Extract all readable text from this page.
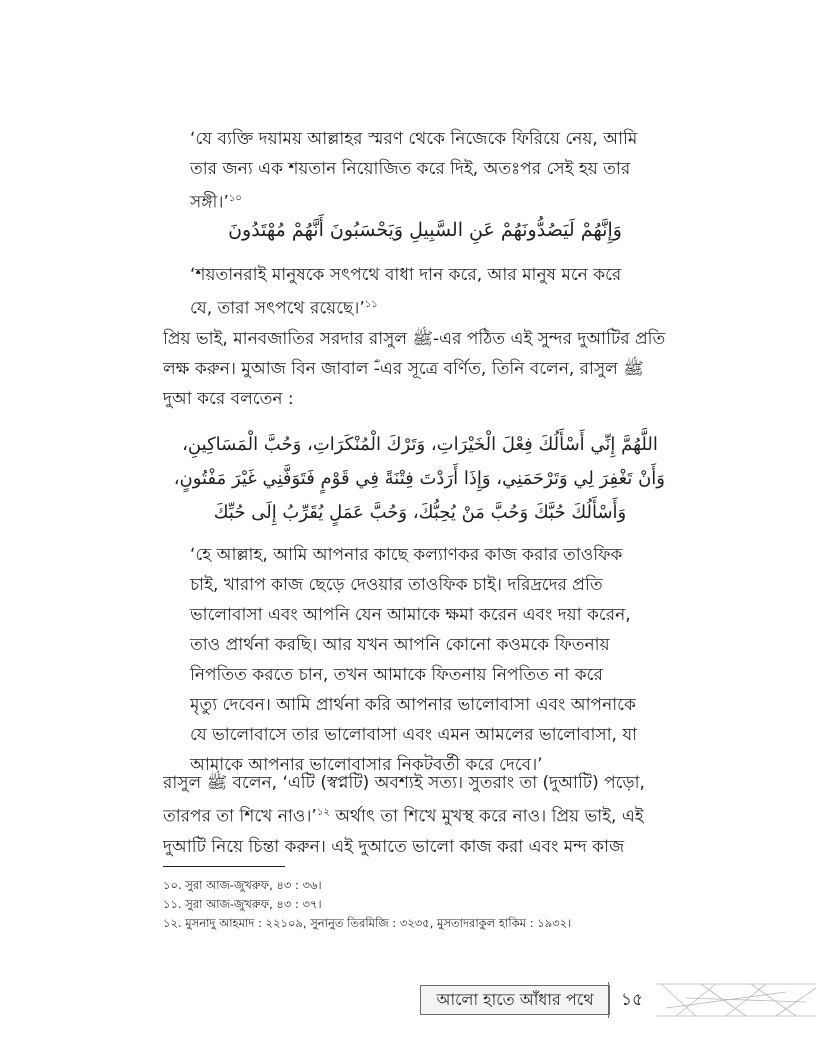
‘যে ব্যক্তি দয়াময় আল্লাহর স্মরণ থেকে নিজেকে ফিরিয়ে নেয়, আমি
তার জন্য এক শয়তান নিয়োজিত করে দিই, অতঃপর সেই হয় তার
সঙ্গী।’$^{১০}$
وَإِنَّهُمْ لَيَصُدُّونَهُمْ عَنِ السَّبِيلِ وَيَحْسَبُونَ أَنَّهُمْ مُهْتَدُونَ
‘শয়তানরাই মানুষকে সৎপথে বাধা দান করে, আর মানুষ মনে করে
যে, তারা সৎপথে রয়েছে।’$^{১১}$
প্রিয় ভাই, মানবজাতির সরদার রাসুল ﷺ-এর পঠিত এই সুন্দর দুআটির প্রতি
লক্ষ করুন। মুআজ বিন জাবাল ؓ-এর সূত্রে বর্ণিত, তিনি বলেন, রাসুল ﷺ
দুআ করে বলতেন :
اللَّهُمَّ إِنِّي أَسْأَلُكَ فِعْلَ الْخَيْرَاتِ، وَتَرْكَ الْمُنْكَرَاتِ، وَحُبَّ الْمَسَاكِينِ،
وَأَنْ تَغْفِرَ لِي وَتَرْحَمَنِي، وَإِذَا أَرَدْتَ فِتْنَةً فِي قَوْمٍ فَتَوَفَّنِي غَيْرَ مَفْتُونٍ،
وَأَسْأَلُكَ حُبَّكَ وَحُبَّ مَنْ يُحِبُّكَ، وَحُبَّ عَمَلٍ يُقَرِّبُ إِلَى حُبِّكَ
‘হে আল্লাহ, আমি আপনার কাছে কল্যাণকর কাজ করার তাওফিক
চাই, খারাপ কাজ ছেড়ে দেওয়ার তাওফিক চাই। দরিদ্রদের প্রতি
ভালোবাসা এবং আপনি যেন আমাকে ক্ষমা করেন এবং দয়া করেন,
তাও প্রার্থনা করছি। আর যখন আপনি কোনো কওমকে ফিতনায়
নিপতিত করতে চান, তখন আমাকে ফিতনায় নিপতিত না করে
মৃত্যু দেবেন। আমি প্রার্থনা করি আপনার ভালোবাসা এবং আপনাকে
যে ভালোবাসে তার ভালোবাসা এবং এমন আমলের ভালোবাসা, যা
আমাকে আপনার ভালোবাসার নিকটবর্তী করে দেবে।’
রাসুল ﷺ বলেন, ‘এটি (স্বপ্নটি) অবশ্যই সত্য। সুতরাং তা (দুআটি) পড়ো,
তারপর তা শিখে নাও।’$^{১২}$ অর্থাৎ তা শিখে মুখস্থ করে নাও। প্রিয় ভাই, এই
দুআটি নিয়ে চিন্তা করুন। এই দুআতে ভালো কাজ করা এবং মন্দ কাজ
১০. সুরা আজ-জুখরুফ, ৪৩ : ৩৬।
১১. সুরা আজ-জুখরুফ, ৪৩ : ৩৭।
১২. মুসনাদু আহমাদ : ২২১০৯, সুনানুত তিরমিজি : ৩২৩৫, মুসতাদরাকুল হাকিম : ১৯৩২।
আলো হাতে আঁধার পথে	১৫
